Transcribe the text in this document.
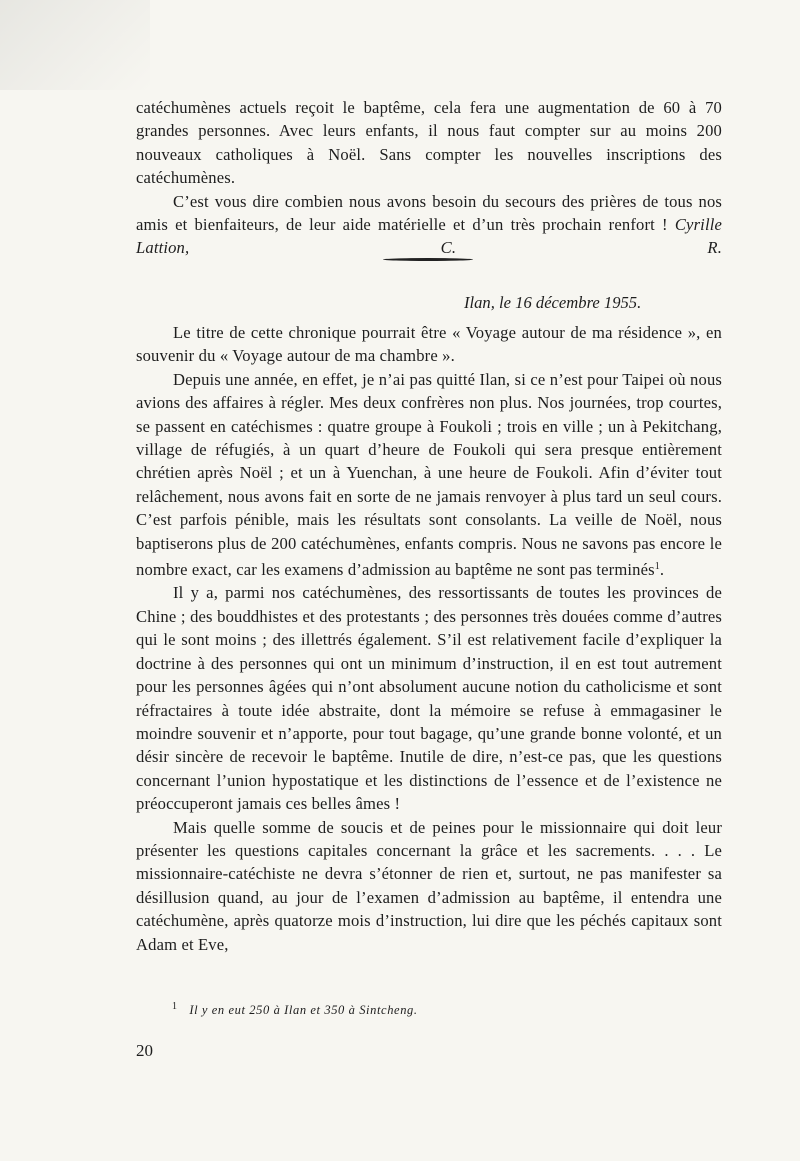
catéchumènes actuels reçoit le baptême, cela fera une augmentation de 60 à 70 grandes personnes. Avec leurs enfants, il nous faut compter sur au moins 200 nouveaux catholiques à Noël. Sans compter les nouvelles inscriptions des catéchumènes.

C’est vous dire combien nous avons besoin du secours des prières de tous nos amis et bienfaiteurs, de leur aide matérielle et d’un très prochain renfort ! Cyrille Lattion, C. R.

Ilan, le 16 décembre 1955.

Le titre de cette chronique pourrait être « Voyage autour de ma résidence », en souvenir du « Voyage autour de ma chambre ».

Depuis une année, en effet, je n’ai pas quitté Ilan, si ce n’est pour Taipei où nous avions des affaires à régler. Mes deux confrères non plus. Nos journées, trop courtes, se passent en catéchismes : quatre groupe à Foukoli ; trois en ville ; un à Pekitchang, village de réfugiés, à un quart d’heure de Foukoli qui sera presque entièrement chrétien après Noël ; et un à Yuenchan, à une heure de Foukoli. Afin d’éviter tout relâchement, nous avons fait en sorte de ne jamais renvoyer à plus tard un seul cours. C’est parfois pénible, mais les résultats sont consolants. La veille de Noël, nous baptiserons plus de 200 catéchumènes, enfants compris. Nous ne savons pas encore le nombre exact, car les examens d’admission au baptême ne sont pas terminés$^1$.

Il y a, parmi nos catéchumènes, des ressortissants de toutes les provinces de Chine ; des bouddhistes et des protestants ; des personnes très douées comme d’autres qui le sont moins ; des illettrés également. S’il est relativement facile d’expliquer la doctrine à des personnes qui ont un minimum d’instruction, il en est tout autrement pour les personnes âgées qui n’ont absolument aucune notion du catholicisme et sont réfractaires à toute idée abstraite, dont la mémoire se refuse à emmagasiner le moindre souvenir et n’apporte, pour tout bagage, qu’une grande bonne volonté, et un désir sincère de recevoir le baptême. Inutile de dire, n’est-ce pas, que les questions concernant l’union hypostatique et les distinctions de l’essence et de l’existence ne préoccuperont jamais ces belles âmes !

Mais quelle somme de soucis et de peines pour le missionnaire qui doit leur présenter les questions capitales concernant la grâce et les sacrements. . . . Le missionnaire-catéchiste ne devra s’étonner de rien et, surtout, ne pas manifester sa désillusion quand, au jour de l’examen d’admission au baptême, il entendra une catéchumène, après quatorze mois d’instruction, lui dire que les péchés capitaux sont Adam et Eve,

$^1$ Il y en eut 250 à Ilan et 350 à Sintcheng.
20
